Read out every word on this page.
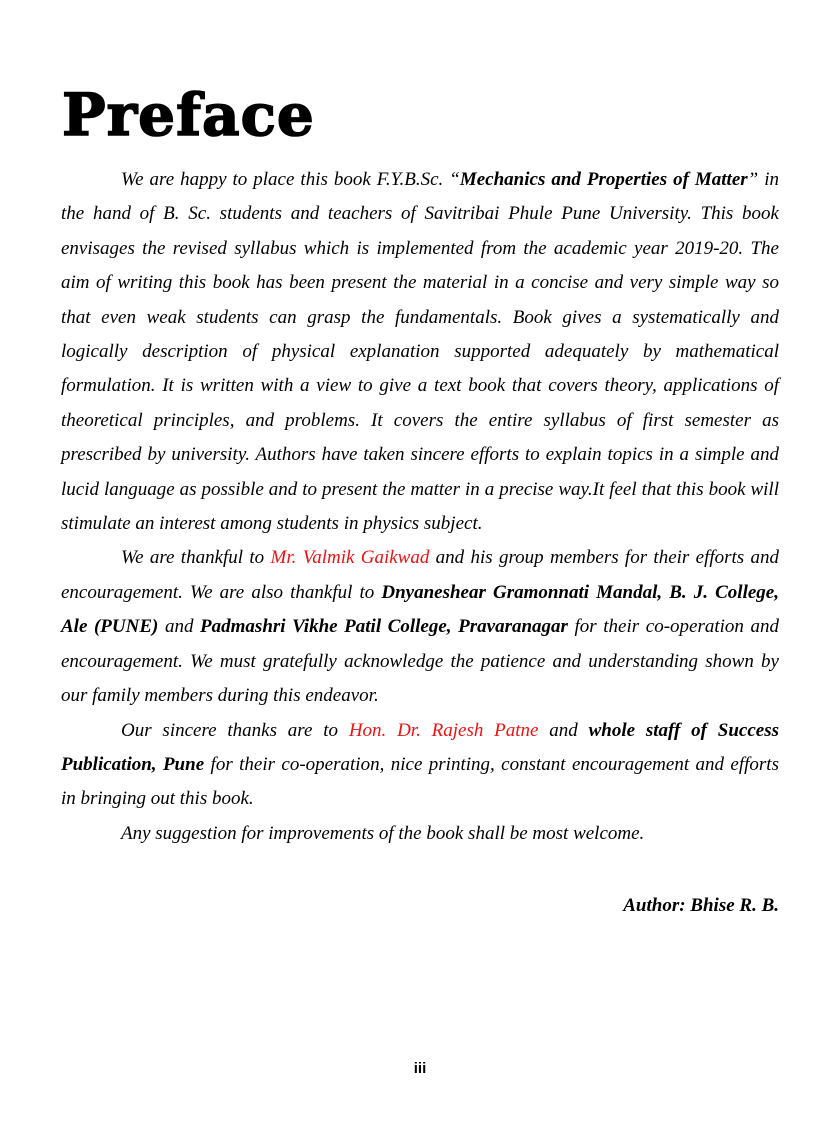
Preface

We are happy to place this book F.Y.B.Sc. “Mechanics and Properties of Matter” in the hand of B. Sc. students and teachers of Savitribai Phule Pune University. This book envisages the revised syllabus which is implemented from the academic year 2019-20. The aim of writing this book has been present the material in a concise and very simple way so that even weak students can grasp the fundamentals. Book gives a systematically and logically description of physical explanation supported adequately by mathematical formulation. It is written with a view to give a text book that covers theory, applications of theoretical principles, and problems. It covers the entire syllabus of first semester as prescribed by university. Authors have taken sincere efforts to explain topics in a simple and lucid language as possible and to present the matter in a precise way.It feel that this book will stimulate an interest among students in physics subject.

We are thankful to Mr. Valmik Gaikwad and his group members for their efforts and encouragement. We are also thankful to Dnyaneshear Gramonnati Mandal, B. J. College, Ale (PUNE) and Padmashri Vikhe Patil College, Pravaranagar for their co-operation and encouragement. We must gratefully acknowledge the patience and understanding shown by our family members during this endeavor.

Our sincere thanks are to Hon. Dr. Rajesh Patne and whole staff of Success Publication, Pune for their co-operation, nice printing, constant encouragement and efforts in bringing out this book.

Any suggestion for improvements of the book shall be most welcome.

Author: Bhise R. B.

iii
